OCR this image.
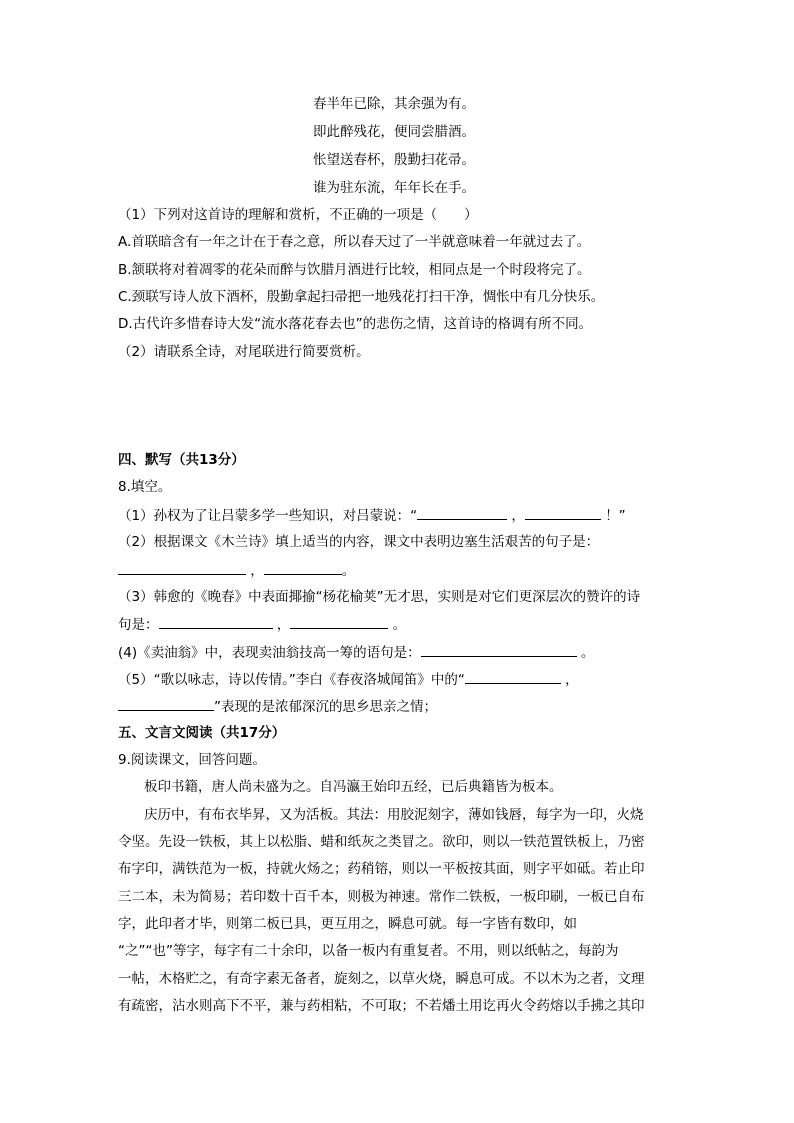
春半年已除，其余强为有。
即此醉残花，便同尝腊酒。
怅望送春杯，殷勤扫花帚。
谁为驻东流，年年长在手。
（1）下列对这首诗的理解和赏析，不正确的一项是（　　）
A.首联暗含有一年之计在于春之意，所以春天过了一半就意味着一年就过去了。
B.颔联将对着凋零的花朵而醉与饮腊月酒进行比较，相同点是一个时段将完了。
C.颈联写诗人放下酒杯，殷勤拿起扫帚把一地残花打扫干净，惆怅中有几分快乐。
D.古代许多惜春诗大发“流水落花春去也”的悲伤之情，这首诗的格调有所不同。
（2）请联系全诗，对尾联进行简要赏析。
四、默写（共13分）
8.填空。
（1）孙权为了让吕蒙多学一些知识，对吕蒙说：“	，	！”
（2）根据课文《木兰诗》填上适当的内容，课文中表明边塞生活艰苦的句子是：
，	。
（3）韩愈的《晚春》中表面揶揄“杨花榆荚”无才思，实则是对它们更深层次的赞许的诗
句是：	，	。
(4)《卖油翁》中，表现卖油翁技高一筹的语句是：	。
（5）“歌以咏志，诗以传情。”李白《春夜洛城闻笛》中的“	，
”表现的是浓郁深沉的思乡思亲之情；
五、文言文阅读（共17分）
9.阅读课文，回答问题。
板印书籍，唐人尚未盛为之。自冯瀛王始印五经，已后典籍皆为板本。
庆历中，有布衣毕昇，又为活板。其法：用胶泥刻字，薄如钱唇，每字为一印，火烧
令坚。先设一铁板，其上以松脂、蜡和纸灰之类冒之。欲印，则以一铁范置铁板上，乃密
布字印，满铁范为一板，持就火炀之；药稍镕，则以一平板按其面，则字平如砥。若止印
三二本，未为简易；若印数十百千本，则极为神速。常作二铁板，一板印刷，一板已自布
字，此印者才毕，则第二板已具，更互用之，瞬息可就。每一字皆有数印，如
“之”“也”等字，每字有二十余印，以备一板内有重复者。不用，则以纸帖之，每韵为
一帖，木格贮之，有奇字素无备者，旋刻之，以草火烧，瞬息可成。不以木为之者，文理
有疏密，沾水则高下不平，兼与药相粘，不可取；不若燔土用讫再火令药熔以手拂之其印
